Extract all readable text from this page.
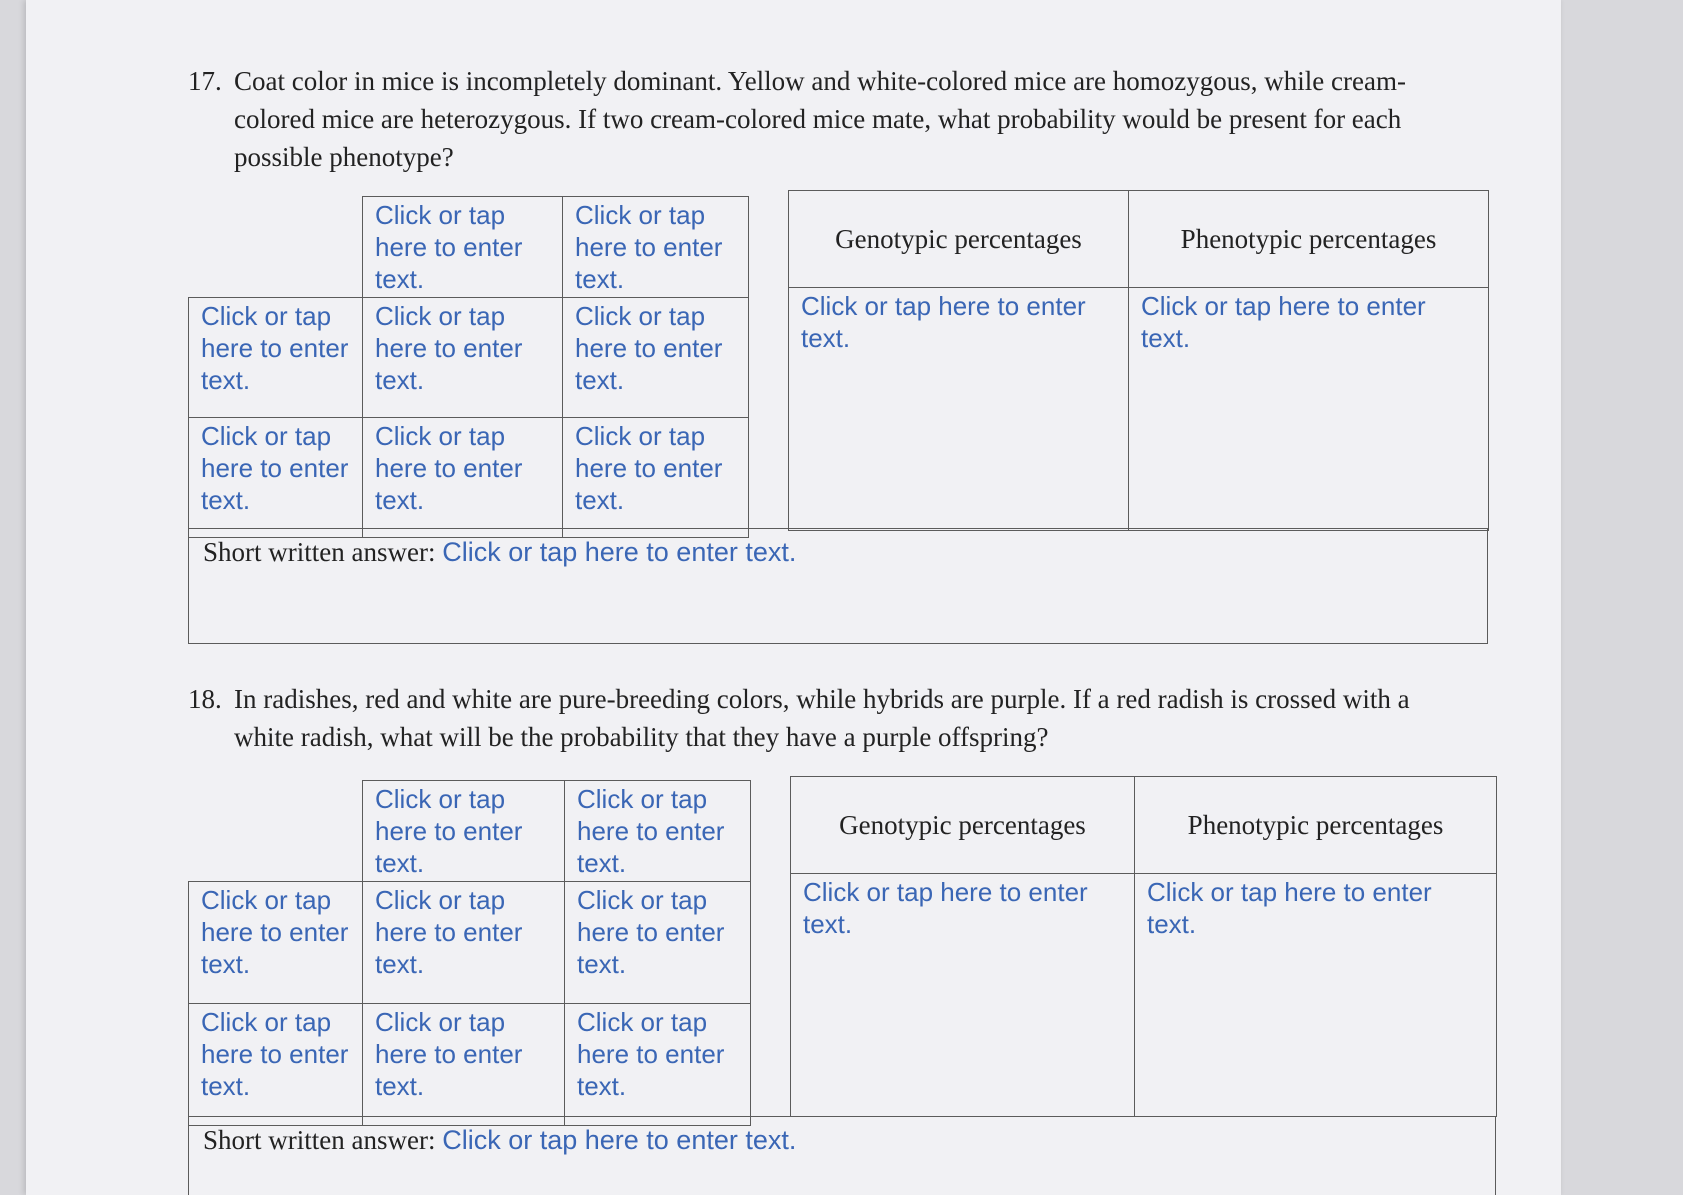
17. Coat color in mice is incompletely dominant. Yellow and white-colored mice are homozygous, while cream-colored mice are heterozygous. If two cream-colored mice mate, what probability would be present for each possible phenotype?
	Click or tap here to enter text.	Click or tap here to enter text.
Click or tap here to enter text.	Click or tap here to enter text.	Click or tap here to enter text.
Click or tap here to enter text.	Click or tap here to enter text.	Click or tap here to enter text.
Genotypic percentages	Phenotypic percentages
Click or tap here to enter text.	Click or tap here to enter text.
Short written answer: Click or tap here to enter text.
18. In radishes, red and white are pure-breeding colors, while hybrids are purple. If a red radish is crossed with a white radish, what will be the probability that they have a purple offspring?
	Click or tap here to enter text.	Click or tap here to enter text.
Click or tap here to enter text.	Click or tap here to enter text.	Click or tap here to enter text.
Click or tap here to enter text.	Click or tap here to enter text.	Click or tap here to enter text.
Genotypic percentages	Phenotypic percentages
Click or tap here to enter text.	Click or tap here to enter text.
Short written answer: Click or tap here to enter text.
